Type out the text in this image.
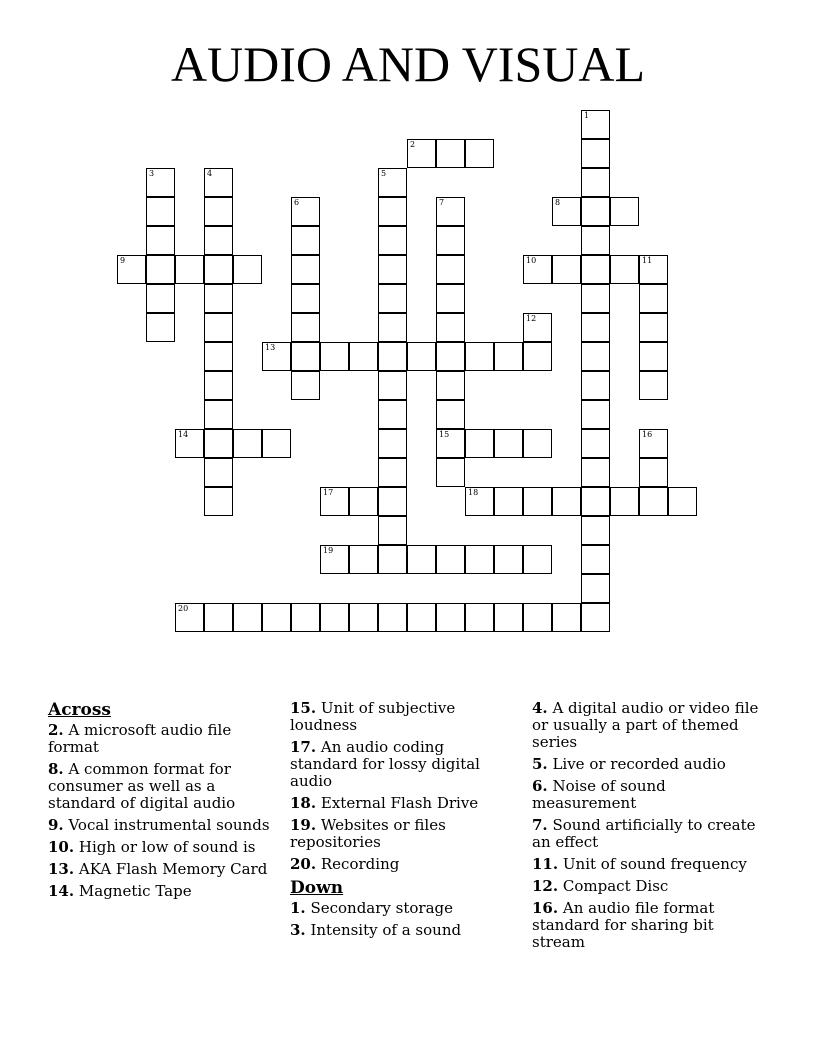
AUDIO AND VISUAL
1
2
3	4	5
6	7
15
8
9	10	11
12
13
14	16
17	18
19
20
Across
2. A microsoft audio file format
8. A common format for consumer as well as a standard of digital audio
9. Vocal instrumental sounds
10. High or low of sound is
13. AKA Flash Memory Card
14. Magnetic Tape
15. Unit of subjective loudness
17. An audio coding standard for lossy digital audio
18. External Flash Drive
19. Websites or files repositories
20. Recording
Down
1. Secondary storage
3. Intensity of a sound
4. A digital audio or video file or usually a part of themed series
5. Live or recorded audio
6. Noise of sound measurement
7. Sound artificially to create an effect
11. Unit of sound frequency
12. Compact Disc
16. An audio file format standard for sharing bit stream
